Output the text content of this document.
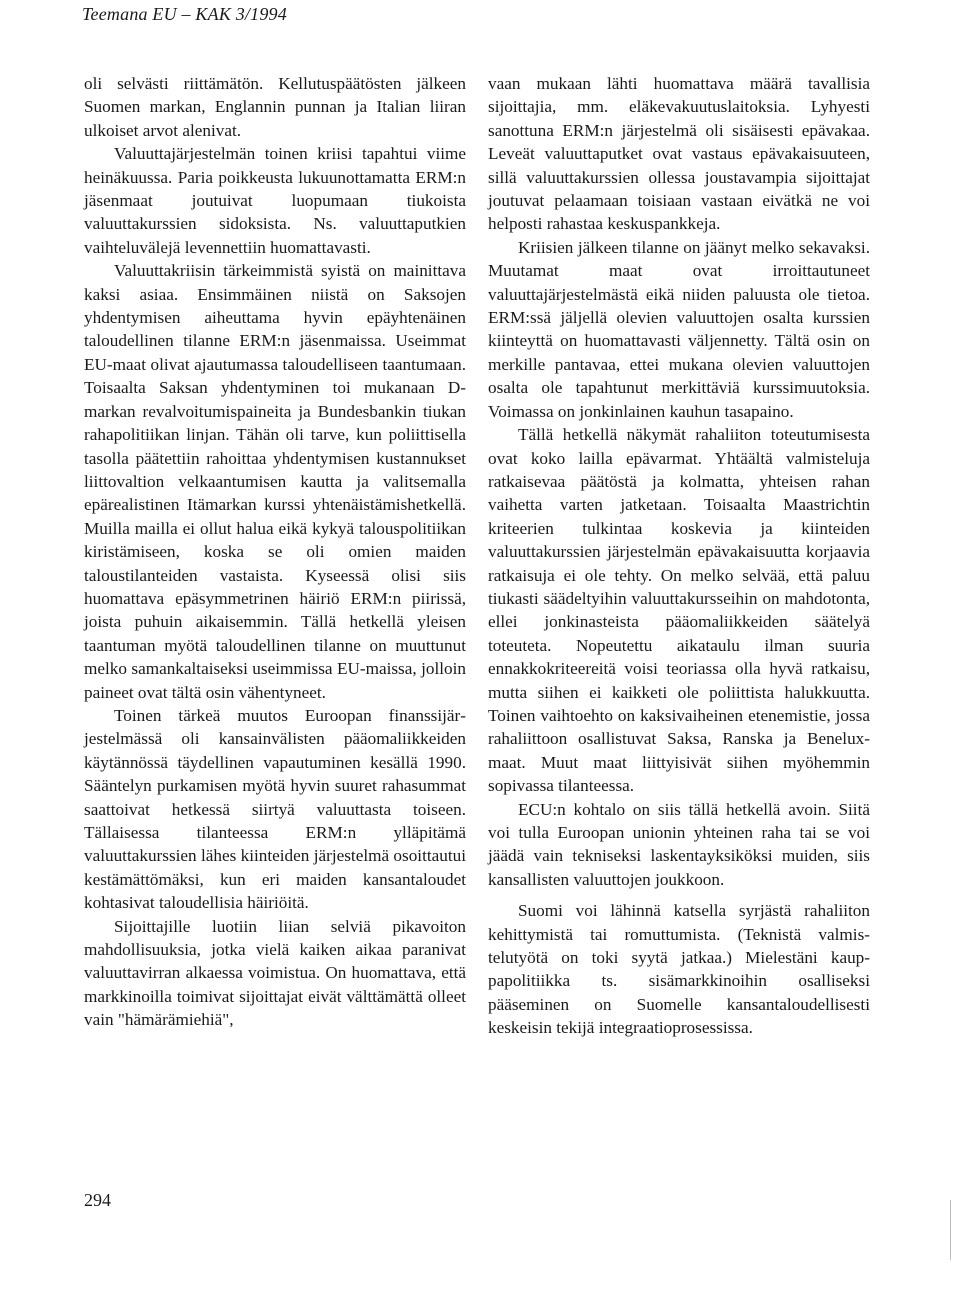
Teemana EU – KAK 3/1994

oli selvästi riittämätön. Kellutuspäätösten jälkeen Suomen markan, Englannin punnan ja Italian liiran ulkoiset arvot alenivat.

Valuuttajärjestelmän toinen kriisi tapahtui viime heinäkuussa. Paria poikkeusta lukuunottamatta ERM:n jäsenmaat joutuivat luopumaan tiukoista valuuttakurssien sidoksista. Ns. valuuttaputkien vaihteluvälejä levennettiin huomattavasti.

Valuuttakriisin tärkeimmistä syistä on mainittava kaksi asiaa. Ensimmäinen niistä on Saksojen yhdentymisen aiheuttama hyvin epäyhtenäinen taloudellinen tilanne ERM:n jäsenmaissa. Useimmat EU-maat olivat ajautumassa taloudelliseen taantumaan. Toisaalta Saksan yhdentyminen toi mukanaan D-markan revalvoitumispaineita ja Bundesbankin tiukan rahapolitiikan linjan. Tähän oli tarve, kun poliittisella tasolla päätettiin rahoittaa yhdentymisen kustannukset liittovaltion velkaantumisen kautta ja valitsemalla epärealistinen Itämarkan kurssi yhtenäistämishetkellä. Muilla mailla ei ollut halua eikä kykyä talouspolitiikan kiristämiseen, koska se oli omien maiden taloustilanteiden vastaista. Kyseessä olisi siis huomattava epäsymmetrinen häiriö ERM:n piirissä, joista puhuin aikaisemmin. Tällä hetkellä yleisen taantuman myötä taloudellinen tilanne on muuttunut melko samankaltaiseksi useimmissa EU-maissa, jolloin paineet ovat tältä osin vähentyneet.

Toinen tärkeä muutos Euroopan finanssijärjestelmässä oli kansainvälisten pääomaliikkeiden käytännössä täydellinen vapautuminen kesällä 1990. Sääntelyn purkamisen myötä hyvin suuret rahasummat saattoivat hetkessä siirtyä valuuttasta toiseen. Tällaisessa tilanteessa ERM:n ylläpitämä valuuttakurssien lähes kiinteiden järjestelmä osoittautui kestämättömäksi, kun eri maiden kansantaloudet kohtasivat taloudellisia häiriöitä.

Sijoittajille luotiin liian selviä pikavoiton mahdollisuuksia, jotka vielä kaiken aikaa paranivat valuuttavirran alkaessa voimistua. On huomattava, että markkinoilla toimivat sijoittajat eivät välttämättä olleet vain "hämärämiehiä",

vaan mukaan lähti huomattava määrä tavallisia sijoittajia, mm. eläkevakuutuslaitoksia. Lyhyesti sanottuna ERM:n järjestelmä oli sisäisesti epävakaa. Leveät valuuttaputket ovat vastaus epävakaisuuteen, sillä valuuttakurssien ollessa joustаvampia sijoittajat joutuvat pelaamaan toisiaan vastaan eivätkä ne voi helposti rahastaa keskuspankkeja.

Kriisien jälkeen tilanne on jäänyt melko sekavaksi. Muutamat maat ovat irroittautuneet valuuttajärjestelmästä eikä niiden paluusta ole tietoa. ERM:ssä jäljellä olevien valuuttojen osalta kurssien kiinteyttä on huomattavasti väljennetty. Tältä osin on merkille pantavaa, ettei mukana olevien valuuttojen osalta ole tapahtunut merkittäviä kurssimuutoksia. Voimassa on jonkinlainen kauhun tasapaino.

Tällä hetkellä näkymät rahaliiton toteutumisesta ovat koko lailla epävarmat. Yhtäältä valmisteluja ratkaisevaa päätöstä ja kolmatta, yhteisen rahan vaihetta varten jatketaan. Toisaalta Maastrichtin kriteerien tulkintaa koskevia ja kiinteiden valuuttakurssien järjestelmän epävakaisuutta korjaavia ratkaisuja ei ole tehty. On melko selvää, että paluu tiukasti säädeltyihin valuuttakursseihin on mahdotonta, ellei jonkinasteista pääomaliikkeiden säätelyä toteuteta. Nopeutettu aikataulu ilman suuria ennakkokriteereitä voisi teoriassa olla hyvä ratkaisu, mutta siihen ei kaikketi ole poliittista halukkuutta. Toinen vaihtoehto on kaksivaiheinen etenemistie, jossa rahaliittoon osallistuvat Saksa, Ranska ja Benelux-maat. Muut maat liittyisivät siihen myöhemmin sopivassa tilanteessa.

ECU:n kohtalo on siis tällä hetkellä avoin. Siitä voi tulla Euroopan unionin yhteinen raha tai se voi jäädä vain tekniseksi laskentayksiköksi muiden, siis kansallisten valuuttojen joukkoon.

Suomi voi lähinnä katsella syrjästä rahaliiton kehittymistä tai romuttumista. (Teknistä valmistelutyötä on toki syytä jatkaa.) Mielestäni kauppapolitiikka ts. sisämarkkinoihin osalliseksi pääseminen on Suomelle kansantaloudellisesti keskeisin tekijä integraatioprosessissa.

294
